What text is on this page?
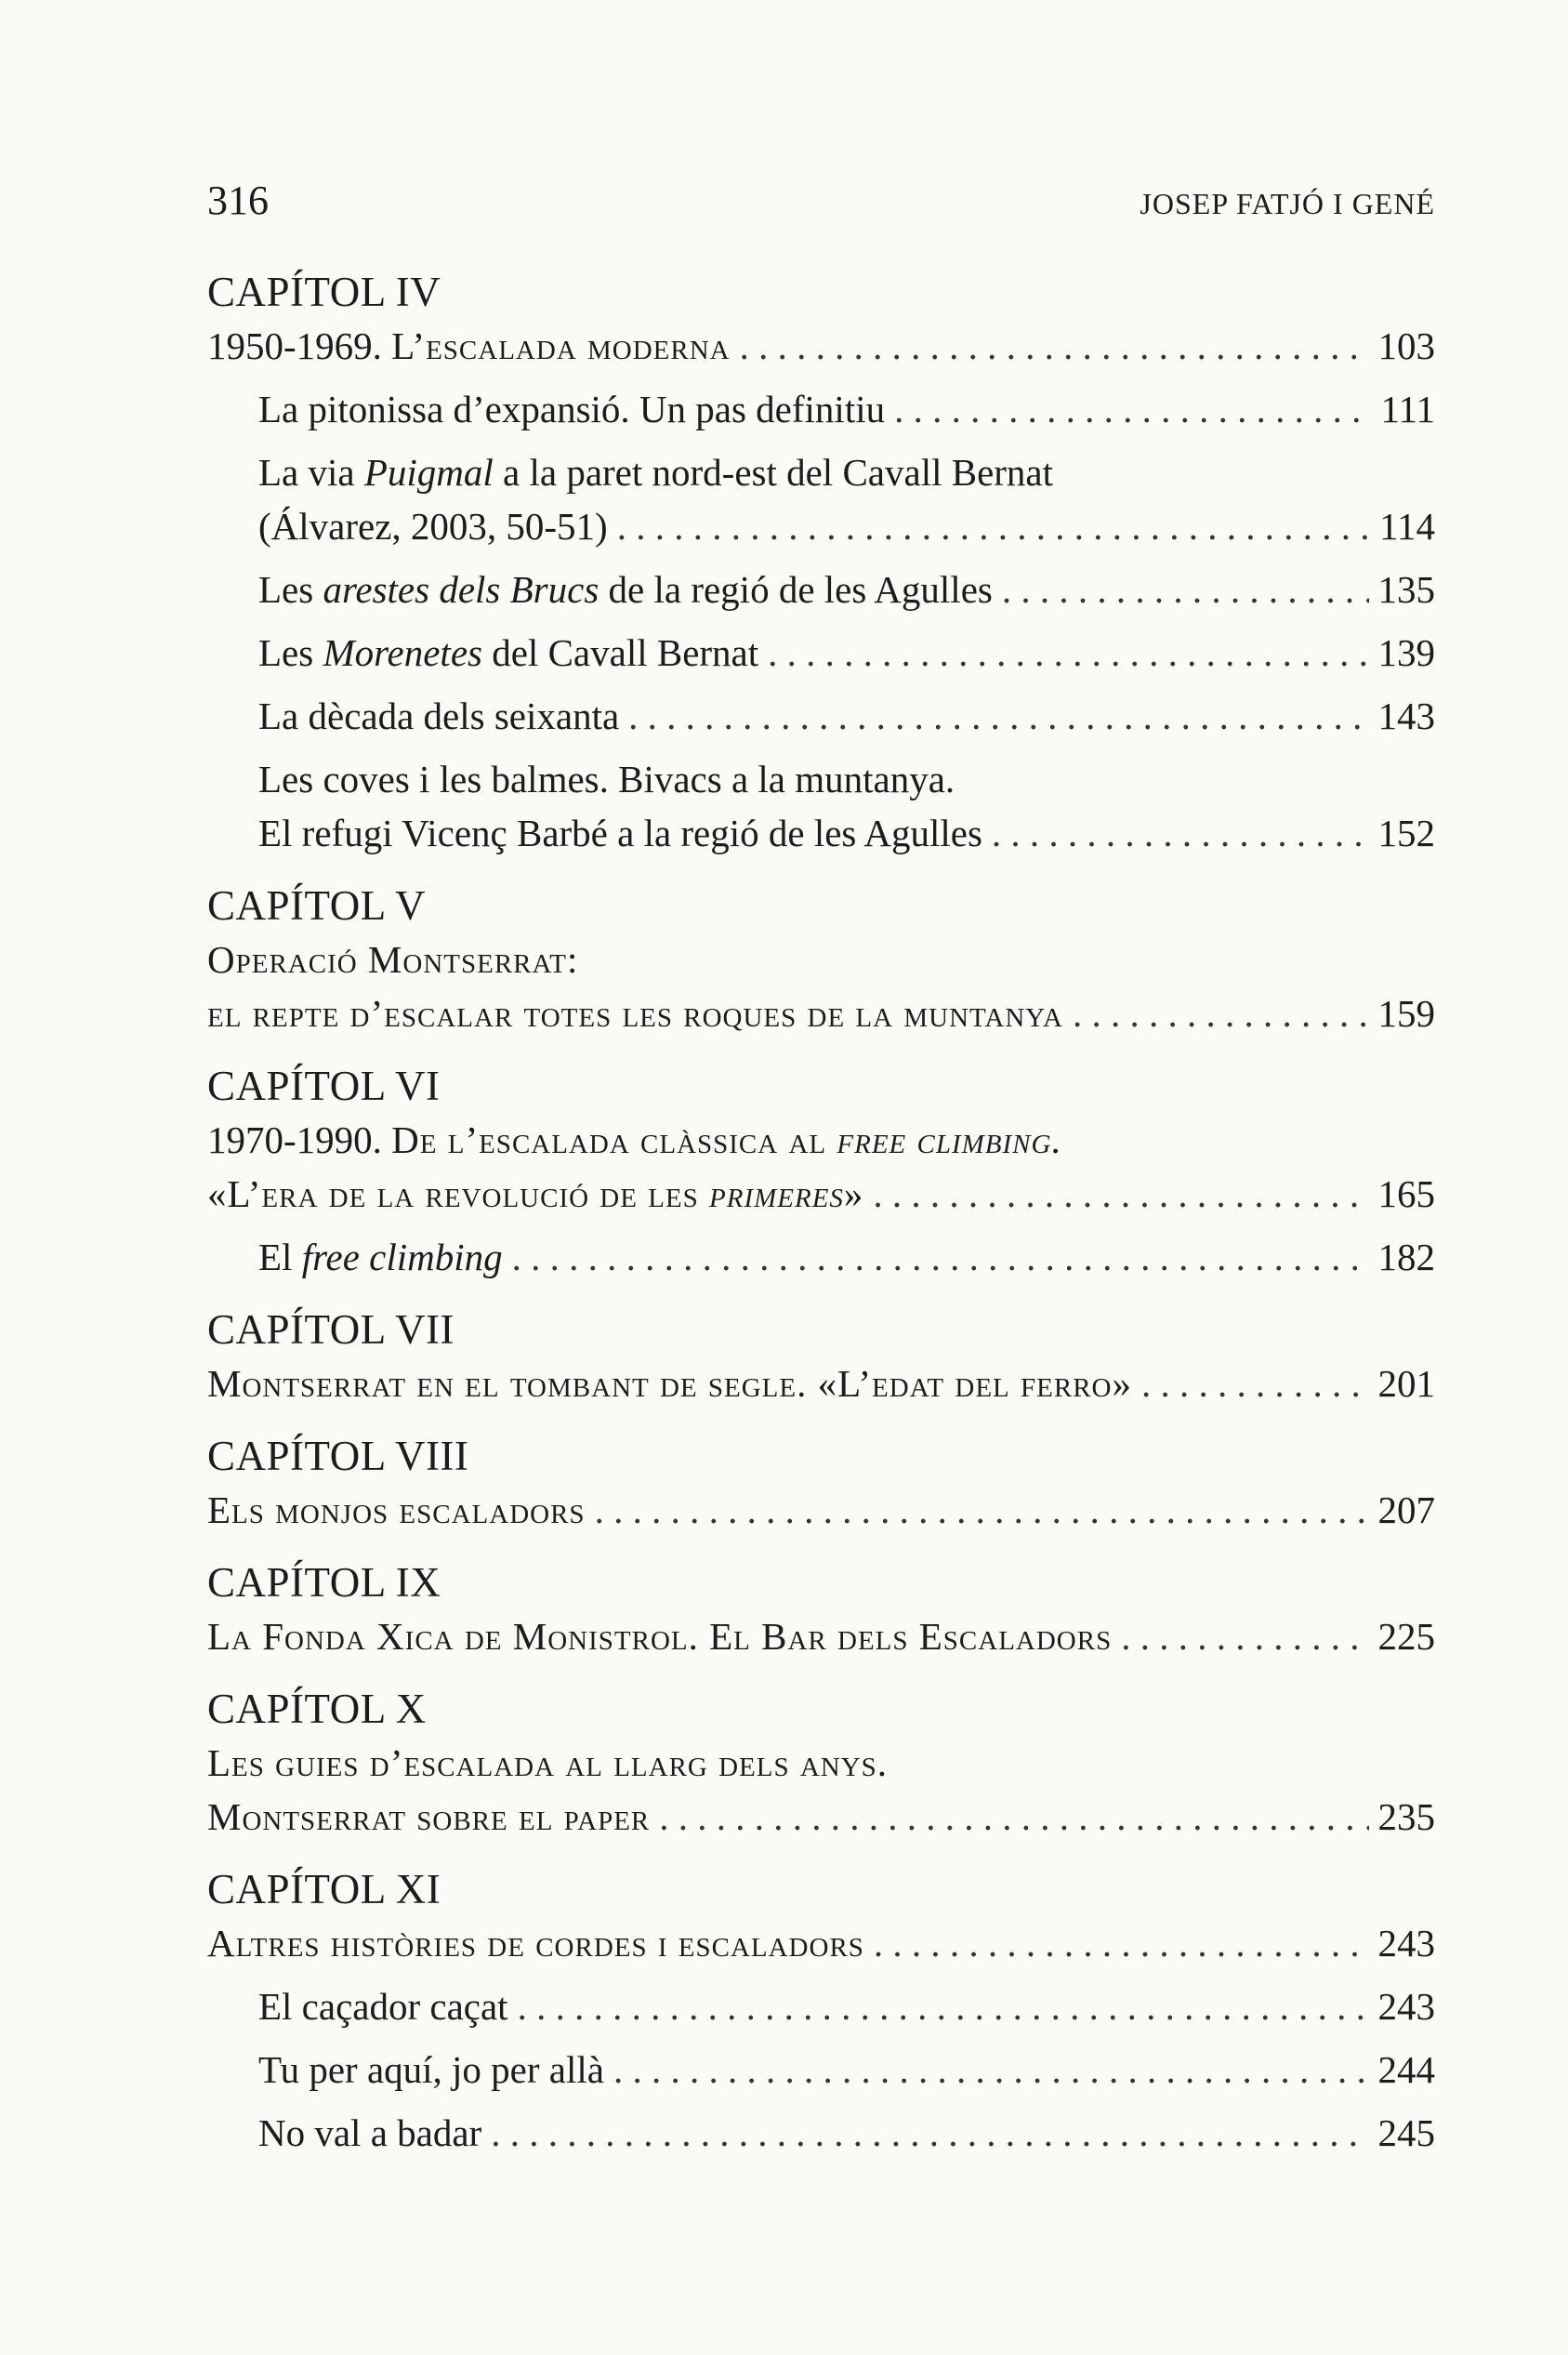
316	JOSEP FATJÓ I GENÉ
CAPÍTOL IV
1950-1969. L’escalada moderna . . .	103
La pitonissa d’expansió. Un pas definitiu . . .	111
La via Puigmal a la paret nord-est del Cavall Bernat
(Álvarez, 2003, 50-51) . . .	114
Les arestes dels Brucs de la regió de les Agulles . . .	135
Les Morenetes del Cavall Bernat . . .	139
La dècada dels seixanta . . .	143
Les coves i les balmes. Bivacs a la muntanya.
El refugi Vicenç Barbé a la regió de les Agulles . . .	152
CAPÍTOL V
Operació Montserrat:
el repte d’escalar totes les roques de la muntanya . . .	159
CAPÍTOL VI
1970-1990. De l’escalada clàssica al free climbing.
«L’era de la revolució de les primeres» . . .	165
El free climbing . . .	182
CAPÍTOL VII
Montserrat en el tombant de segle. «L’edat del ferro» . . .	201
CAPÍTOL VIII
Els monjos escaladors . . .	207
CAPÍTOL IX
La Fonda Xica de Monistrol. El Bar dels Escaladors . . .	225
CAPÍTOL X
Les guies d’escalada al llarg dels anys.
Montserrat sobre el paper . . .	235
CAPÍTOL XI
Altres històries de cordes i escaladors . . .	243
El caçador caçat . . .	243
Tu per aquí, jo per allà . . .	244
No val a badar . . .	245
